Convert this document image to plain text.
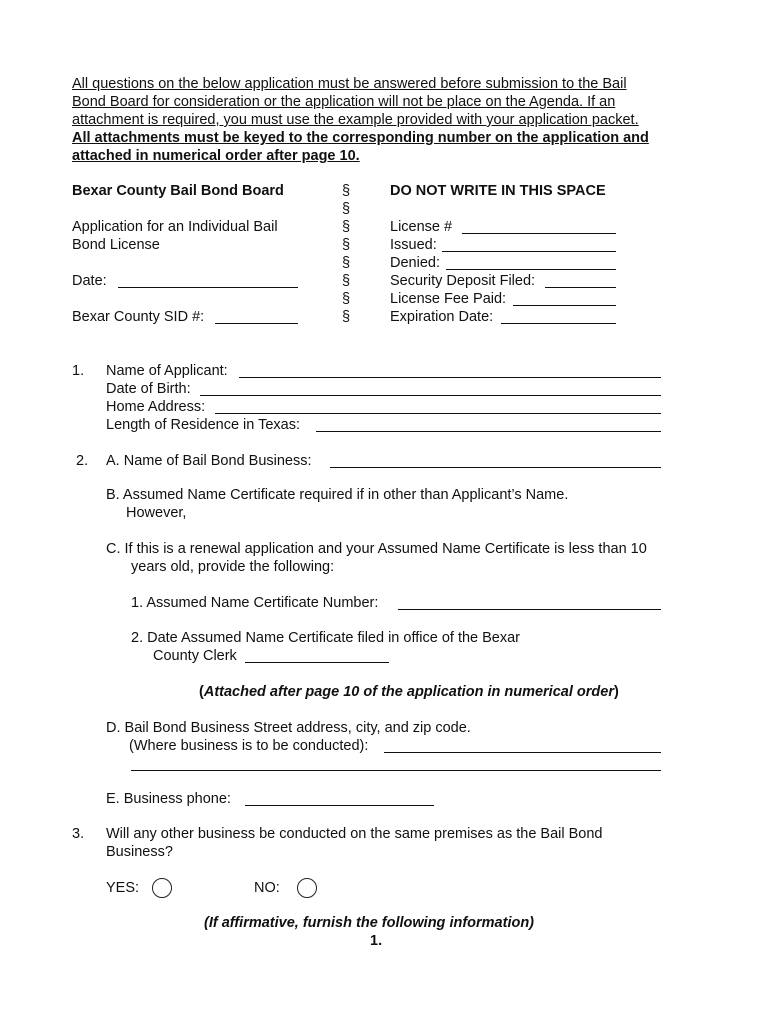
All questions on the below application must be answered before submission to the Bail
Bond Board for consideration or the application will not be place on the Agenda. If an
attachment is required, you must use the example provided with your application packet.
All attachments must be keyed to the corresponding number on the application and
attached in numerical order after page 10.
Bexar County Bail Bond Board
Application for an Individual Bail
Bond License
Date:
Bexar County SID #:
§
§
§
§
§
§
§
§
DO NOT WRITE IN THIS SPACE
License #
Issued:
Denied:
Security Deposit Filed:
License Fee Paid:
Expiration Date:
1. Name of Applicant:
Date of Birth:
Home Address:
Length of Residence in Texas:
2. A. Name of Bail Bond Business:
B. Assumed Name Certificate required if in other than Applicant’s Name.
However,
C. If this is a renewal application and your Assumed Name Certificate is less than 10
years old, provide the following:
1. Assumed Name Certificate Number:
2. Date Assumed Name Certificate filed in office of the Bexar
County Clerk
(Attached after page 10 of the application in numerical order)
D. Bail Bond Business Street address, city, and zip code.
(Where business is to be conducted):
E. Business phone:
3. Will any other business be conducted on the same premises as the Bail Bond
Business?
YES:	NO:
(If affirmative, furnish the following information)
1.
